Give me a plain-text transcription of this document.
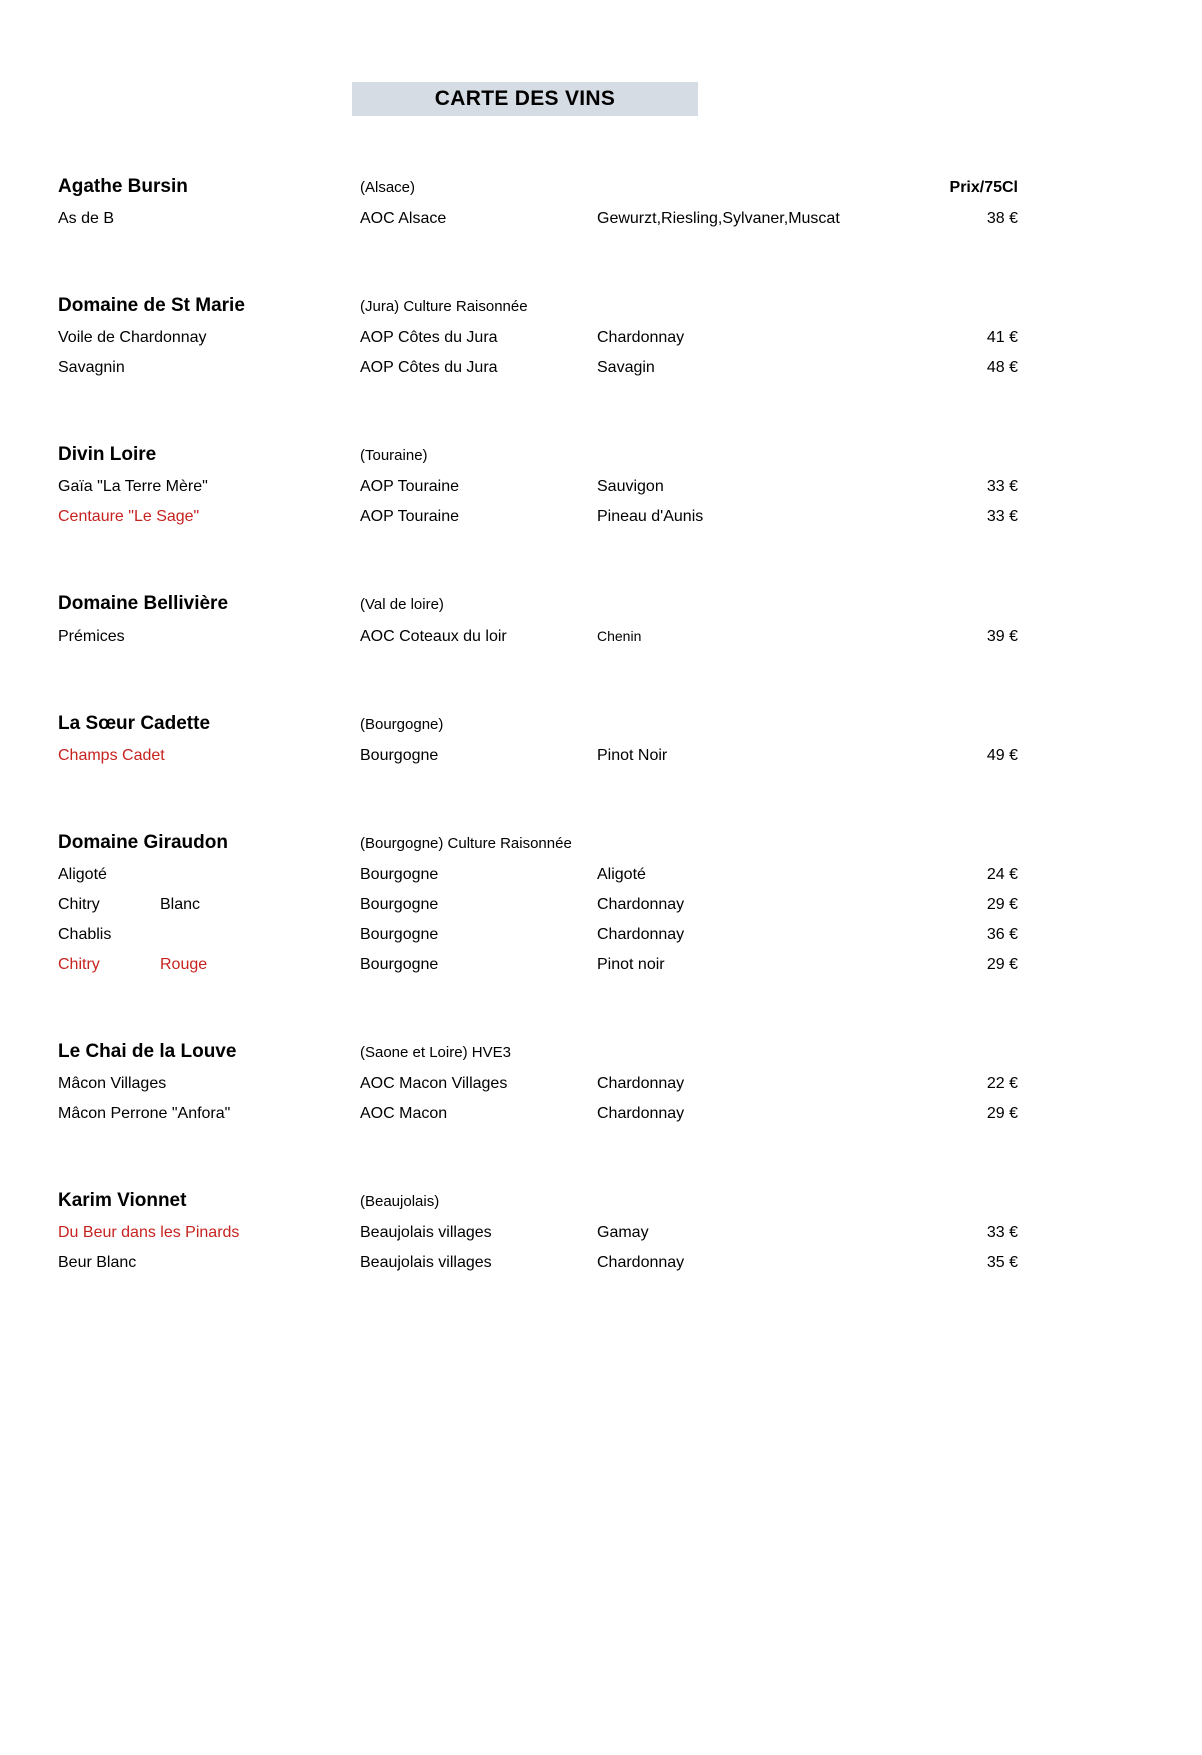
CARTE DES VINS
Agathe Bursin	(Alsace)	Prix/75Cl
As de B	AOC Alsace	Gewurzt,Riesling,Sylvaner,Muscat	38 €
Domaine de St Marie	(Jura) Culture Raisonnée
Voile de Chardonnay	AOP Côtes du Jura	Chardonnay	41 €
Savagnin	AOP Côtes du Jura	Savagin	48 €
Divin Loire	(Touraine)
Gaïa "La Terre Mère"	AOP Touraine	Sauvigon	33 €
Centaure "Le Sage"	AOP Touraine	Pineau d'Aunis	33 €
Domaine Bellivière	(Val de loire)
Prémices	AOC Coteaux du loir	Chenin	39 €
La Sœur Cadette	(Bourgogne)
Champs Cadet	Bourgogne	Pinot Noir	49 €
Domaine Giraudon	(Bourgogne) Culture Raisonnée
Aligoté	Bourgogne	Aligoté	24 €
Chitry	Blanc	Bourgogne	Chardonnay	29 €
Chablis	Bourgogne	Chardonnay	36 €
Chitry	Rouge	Bourgogne	Pinot noir	29 €
Le Chai de la Louve	(Saone et Loire) HVE3
Mâcon Villages	AOC Macon Villages	Chardonnay	22 €
Mâcon Perrone "Anfora"	AOC Macon	Chardonnay	29 €
Karim Vionnet	(Beaujolais)
Du Beur dans les Pinards	Beaujolais villages	Gamay	33 €
Beur Blanc	Beaujolais villages	Chardonnay	35 €
